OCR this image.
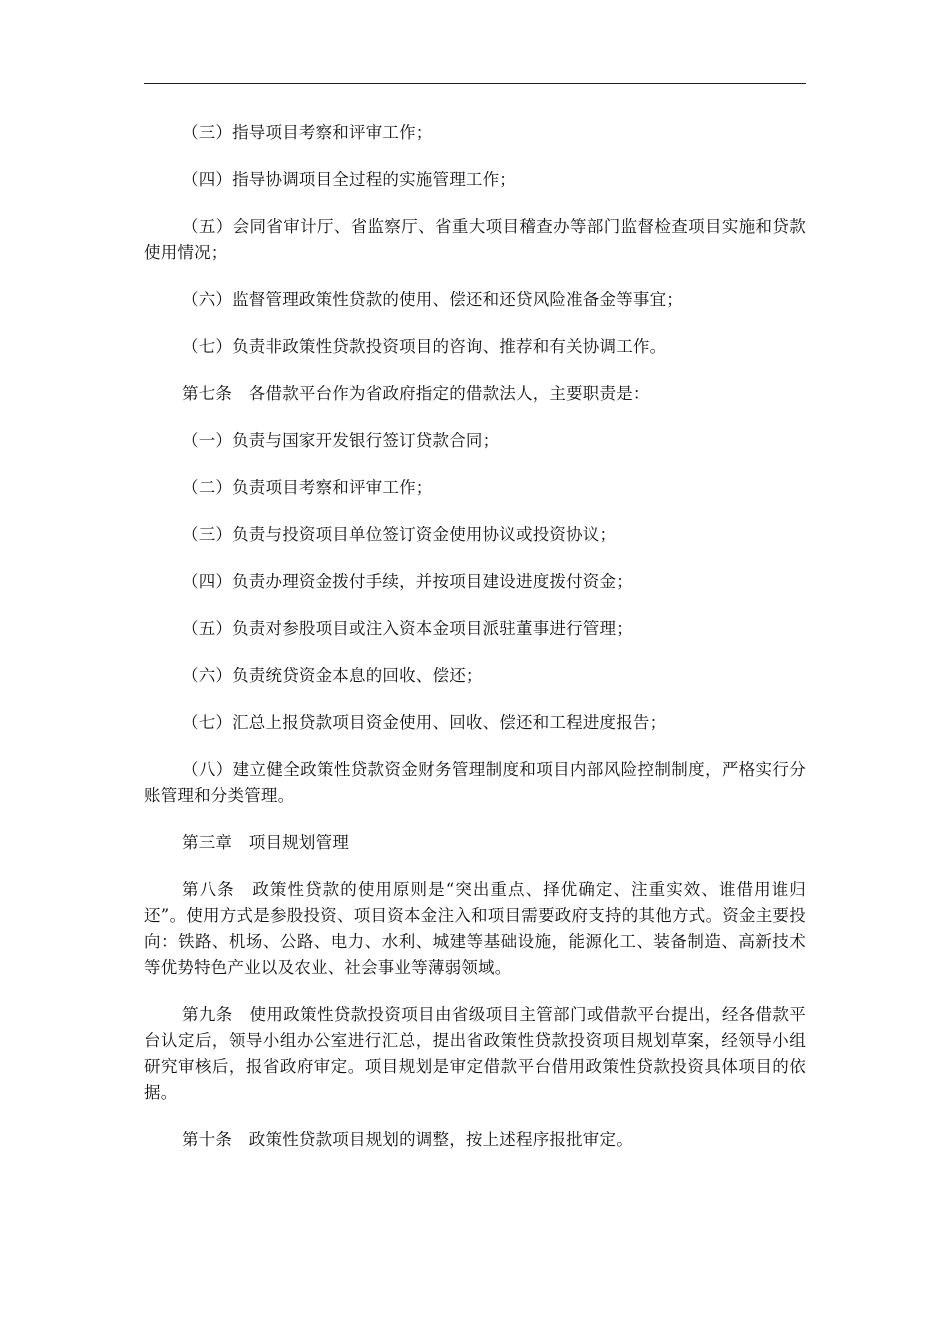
（三）指导项目考察和评审工作；

（四）指导协调项目全过程的实施管理工作；

（五）会同省审计厅、省监察厅、省重大项目稽查办等部门监督检查项目实施和贷款使用情况；

（六）监督管理政策性贷款的使用、偿还和还贷风险准备金等事宜；

（七）负责非政策性贷款投资项目的咨询、推荐和有关协调工作。

第七条　各借款平台作为省政府指定的借款法人，主要职责是：

（一）负责与国家开发银行签订贷款合同；

（二）负责项目考察和评审工作；

（三）负责与投资项目单位签订资金使用协议或投资协议；

（四）负责办理资金拨付手续，并按项目建设进度拨付资金；

（五）负责对参股项目或注入资本金项目派驻董事进行管理；

（六）负责统贷资金本息的回收、偿还；

（七）汇总上报贷款项目资金使用、回收、偿还和工程进度报告；

（八）建立健全政策性贷款资金财务管理制度和项目内部风险控制制度，严格实行分账管理和分类管理。

第三章　项目规划管理

第八条　政策性贷款的使用原则是“突出重点、择优确定、注重实效、谁借用谁归还”。使用方式是参股投资、项目资本金注入和项目需要政府支持的其他方式。资金主要投向：铁路、机场、公路、电力、水利、城建等基础设施，能源化工、装备制造、高新技术等优势特色产业以及农业、社会事业等薄弱领域。

第九条　使用政策性贷款投资项目由省级项目主管部门或借款平台提出，经各借款平台认定后，领导小组办公室进行汇总，提出省政策性贷款投资项目规划草案，经领导小组研究审核后，报省政府审定。项目规划是审定借款平台借用政策性贷款投资具体项目的依据。

第十条　政策性贷款项目规划的调整，按上述程序报批审定。
